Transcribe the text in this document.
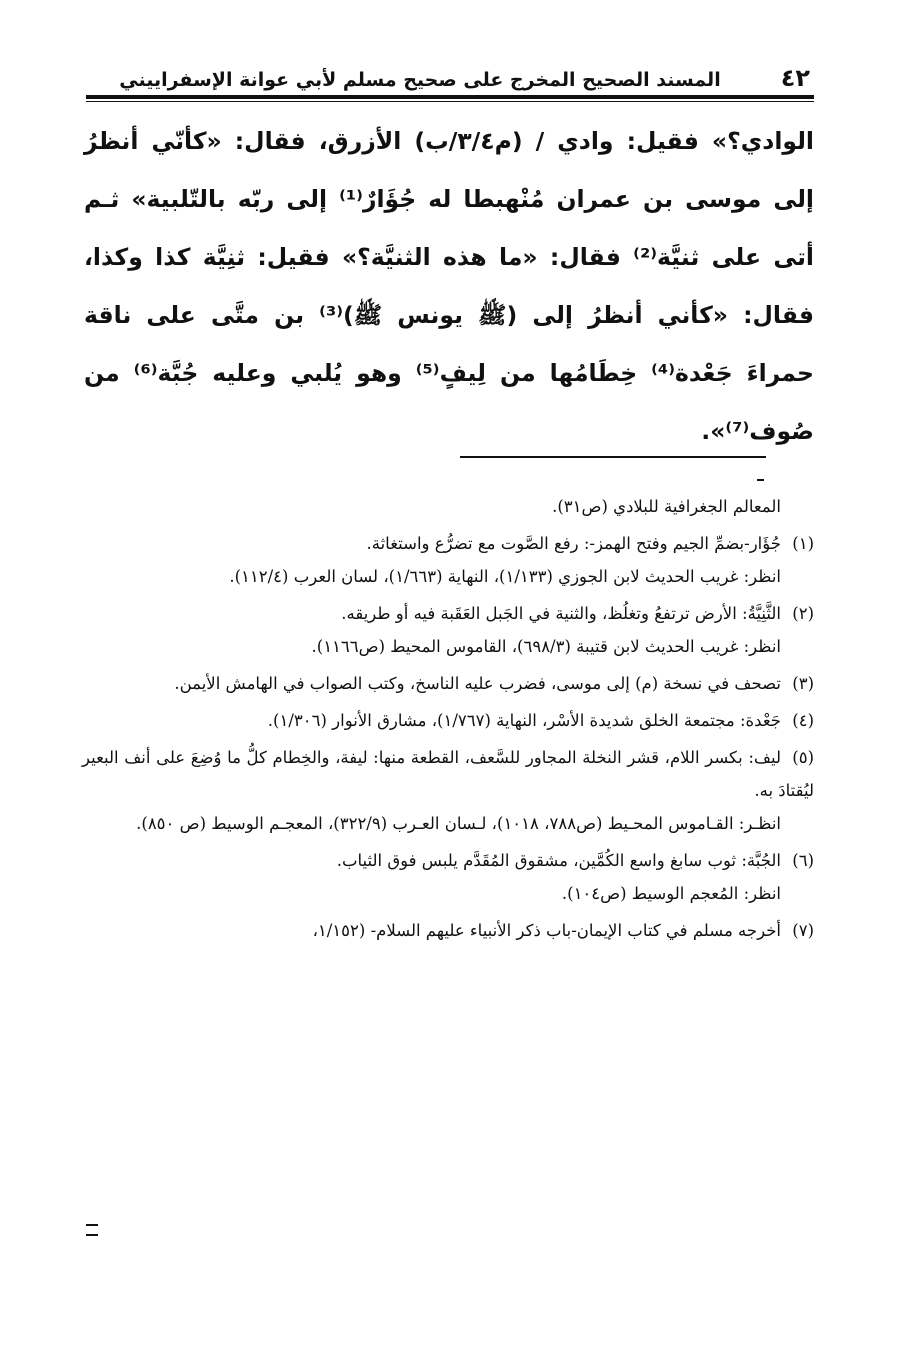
٤٢
المسند الصحيح المخرج على صحيح مسلم لأبي عوانة الإسفراييني
الوادي؟» فقيل: وادي / (م٣/٤/ب) الأزرق، فقال: «كأنّي أنظرُ إلى موسى بن عمران مُنْهبطا له جُؤَارٌ⁽¹⁾ إلى ربّه بالتّلبية» ثـم أتى على ثنيَّة⁽²⁾ فقال: «ما هذه الثنيَّة؟» فقيل: ثنِيَّة كذا وكذا، فقال: «كأني أنظرُ إلى (ﷺ يونس ﷺ)⁽³⁾ بن متَّى على ناقة حمراءَ جَعْدة⁽⁴⁾ خِطَامُها من لِيفٍ⁽⁵⁾ وهو يُلبي وعليه جُبَّة⁽⁶⁾ من صُوف⁽⁷⁾».

المعالم الجغرافية للبلادي (ص٣١).

(١)جُؤَار-بضمِّ الجيم وفتح الهمز-: رفع الصَّوت مع تضرُّع واستغاثة.
انظر: غريب الحديث لابن الجوزي (١/١٣٣)، النهاية (١/٦٦٣)، لسان العرب (١١٢/٤).

(٢)الثَّنِيَّةُ: الأرض ترتفعُ وتغلُظ، والثنية في الجَبل العَقَبة فيه أو طريقه.
انظر: غريب الحديث لابن قتيبة (٦٩٨/٣)، القاموس المحيط (ص١١٦٦).

(٣)تصحف في نسخة (م) إلى موسى، فضرب عليه الناسخ، وكتب الصواب في الهامش الأيمن.

(٤)جَعْدة: مجتمعة الخلق شديدة الأسْر، النهاية (١/٧٦٧)، مشارق الأنوار (١/٣٠٦).

(٥)ليف: بكسر اللام، قشر النخلة المجاور للسَّعف، القطعة منها: ليفة، والخِطام كلُّ ما وُضِعَ على أنف البعير ليُقتادَ به.
انظـر: القـاموس المحـيط (ص٧٨٨، ١٠١٨)، لـسان العـرب (٣٢٢/٩)، المعجـم الوسيط (ص ٨٥٠).

(٦)الجُبَّة: ثوب سابغ واسع الكُمَّين، مشقوق المُقَدَّم يلبس فوق الثياب.
انظر: المُعجم الوسيط (ص١٠٤).

(٧)أخرجه مسلم في كتاب الإيمان-باب ذكر الأنبياء عليهم السلام- (١/١٥٢،
